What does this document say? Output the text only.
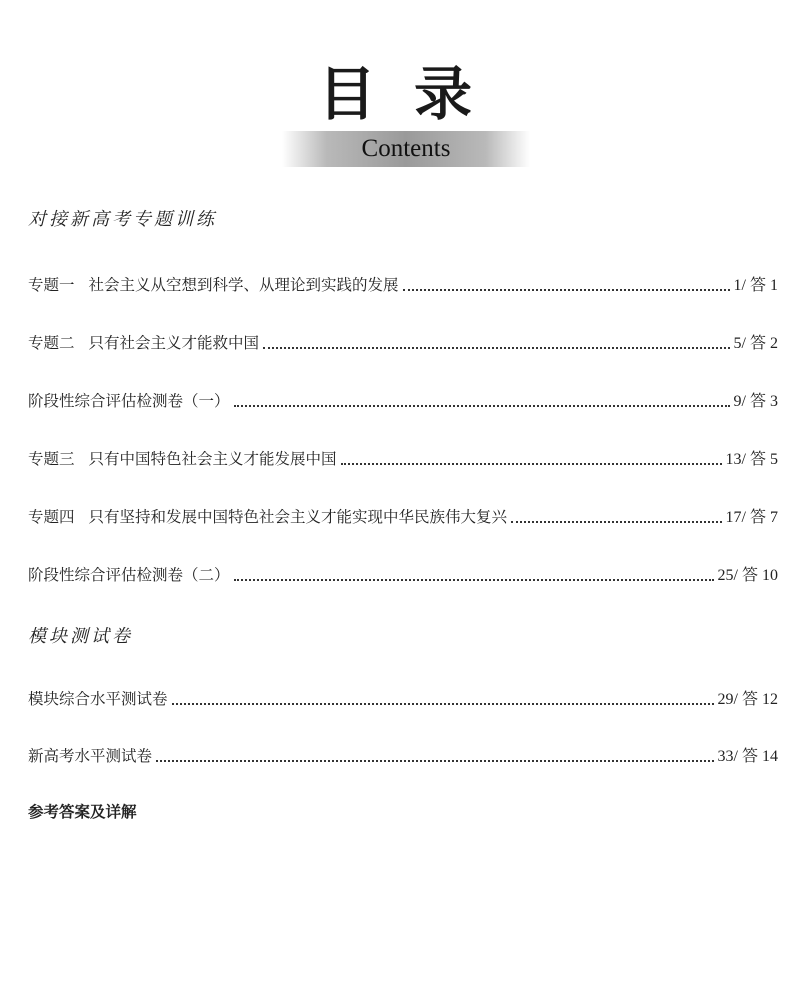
目录
Contents
对接新高考专题训练
专题一 社会主义从空想到科学、从理论到实践的发展	1/ 答 1
专题二 只有社会主义才能救中国	5/ 答 2
阶段性综合评估检测卷（一）	9/ 答 3
专题三 只有中国特色社会主义才能发展中国	13/ 答 5
专题四 只有坚持和发展中国特色社会主义才能实现中华民族伟大复兴	17/ 答 7
阶段性综合评估检测卷（二）	25/ 答 10
模块测试卷
模块综合水平测试卷	29/ 答 12
新高考水平测试卷	33/ 答 14
参考答案及详解
